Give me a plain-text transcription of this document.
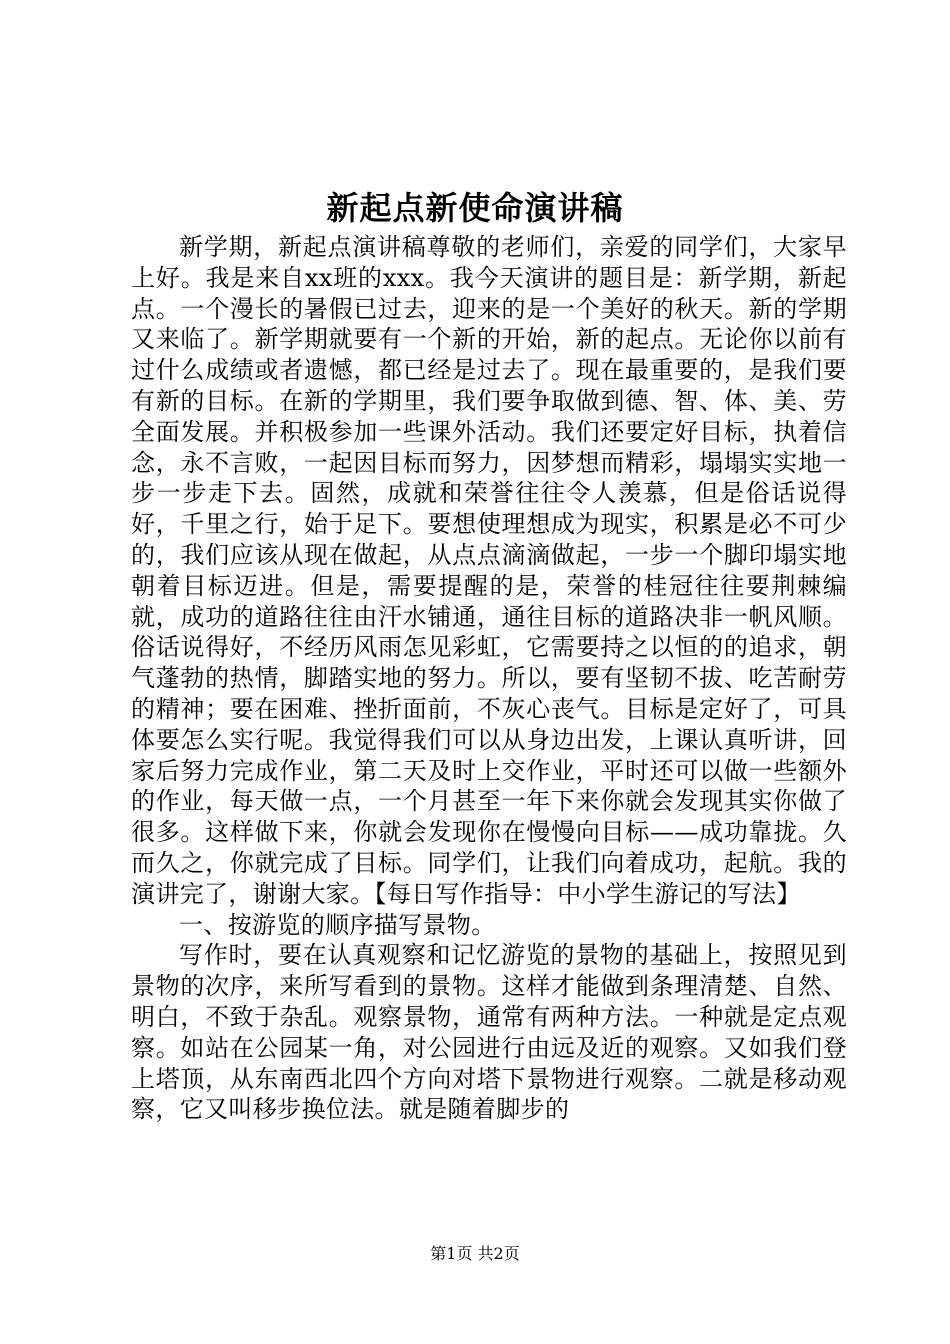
新起点新使命演讲稿

新学期，新起点演讲稿尊敬的老师们，亲爱的同学们，大家早上好。我是来自xx班的xxx。我今天演讲的题目是：新学期，新起点。一个漫长的暑假已过去，迎来的是一个美好的秋天。新的学期又来临了。新学期就要有一个新的开始，新的起点。无论你以前有过什么成绩或者遗憾，都已经是过去了。现在最重要的，是我们要有新的目标。在新的学期里，我们要争取做到德、智、体、美、劳全面发展。并积极参加一些课外活动。我们还要定好目标，执着信念，永不言败，一起因目标而努力，因梦想而精彩，塌塌实实地一步一步走下去。固然，成就和荣誉往往令人羡慕，但是俗话说得好，千里之行，始于足下。要想使理想成为现实，积累是必不可少的，我们应该从现在做起，从点点滴滴做起，一步一个脚印塌实地朝着目标迈进。但是，需要提醒的是，荣誉的桂冠往往要荆棘编就，成功的道路往往由汗水铺通，通往目标的道路决非一帆风顺。俗话说得好，不经历风雨怎见彩虹，它需要持之以恒的的追求，朝气蓬勃的热情，脚踏实地的努力。所以，要有坚韧不拔、吃苦耐劳的精神；要在困难、挫折面前，不灰心丧气。目标是定好了，可具体要怎么实行呢。我觉得我们可以从身边出发，上课认真听讲，回家后努力完成作业，第二天及时上交作业，平时还可以做一些额外的作业，每天做一点，一个月甚至一年下来你就会发现其实你做了很多。这样做下来，你就会发现你在慢慢向目标——成功靠拢。久而久之，你就完成了目标。同学们，让我们向着成功，起航。我的演讲完了，谢谢大家。【每日写作指导：中小学生游记的写法】

一、按游览的顺序描写景物。

写作时，要在认真观察和记忆游览的景物的基础上，按照见到景物的次序，来所写看到的景物。这样才能做到条理清楚、自然、明白，不致于杂乱。观察景物，通常有两种方法。一种就是定点观察。如站在公园某一角，对公园进行由远及近的观察。又如我们登上塔顶，从东南西北四个方向对塔下景物进行观察。二就是移动观察，它又叫移步换位法。就是随着脚步的

第1页 共2页
